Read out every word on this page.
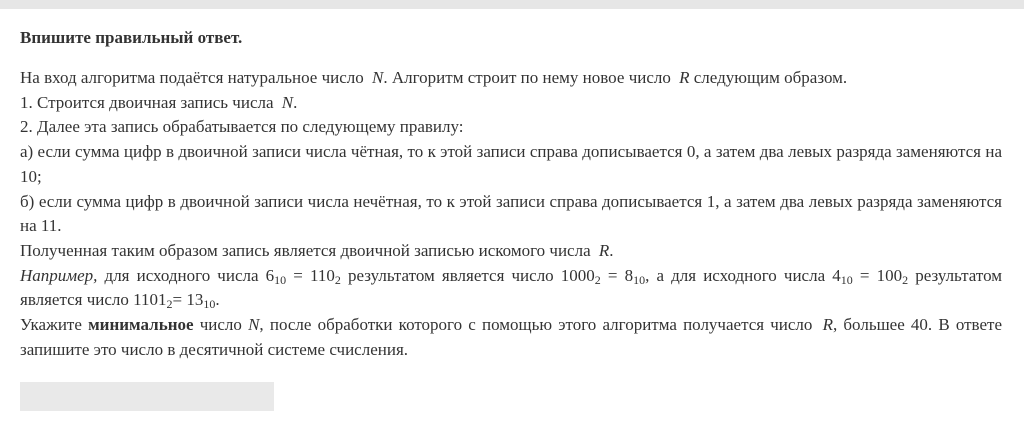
Впишите правильный ответ.

На вход алгоритма подаётся натуральное число N. Алгоритм строит по нему новое число R следующим образом.

1. Строится двоичная запись числа N.

2. Далее эта запись обрабатывается по следующему правилу:

а) если сумма цифр в двоичной записи числа чётная, то к этой записи справа дописывается 0, а затем два левых разряда заменяются на 10;

б) если сумма цифр в двоичной записи числа нечётная, то к этой записи справа дописывается 1, а затем два левых разряда заменяются на 11.

Полученная таким образом запись является двоичной записью искомого числа R.

Например, для исходного числа $6_{10} = 110_2$ результатом является число $1000_2 = 8_{10}$, а для исходного числа $4_{10} = 100_2$ результатом является число $1101_2= 13_{10}$.

Укажите минимальное число N, после обработки которого с помощью этого алгоритма получается число R, большее 40. В ответе запишите это число в десятичной системе счисления.
